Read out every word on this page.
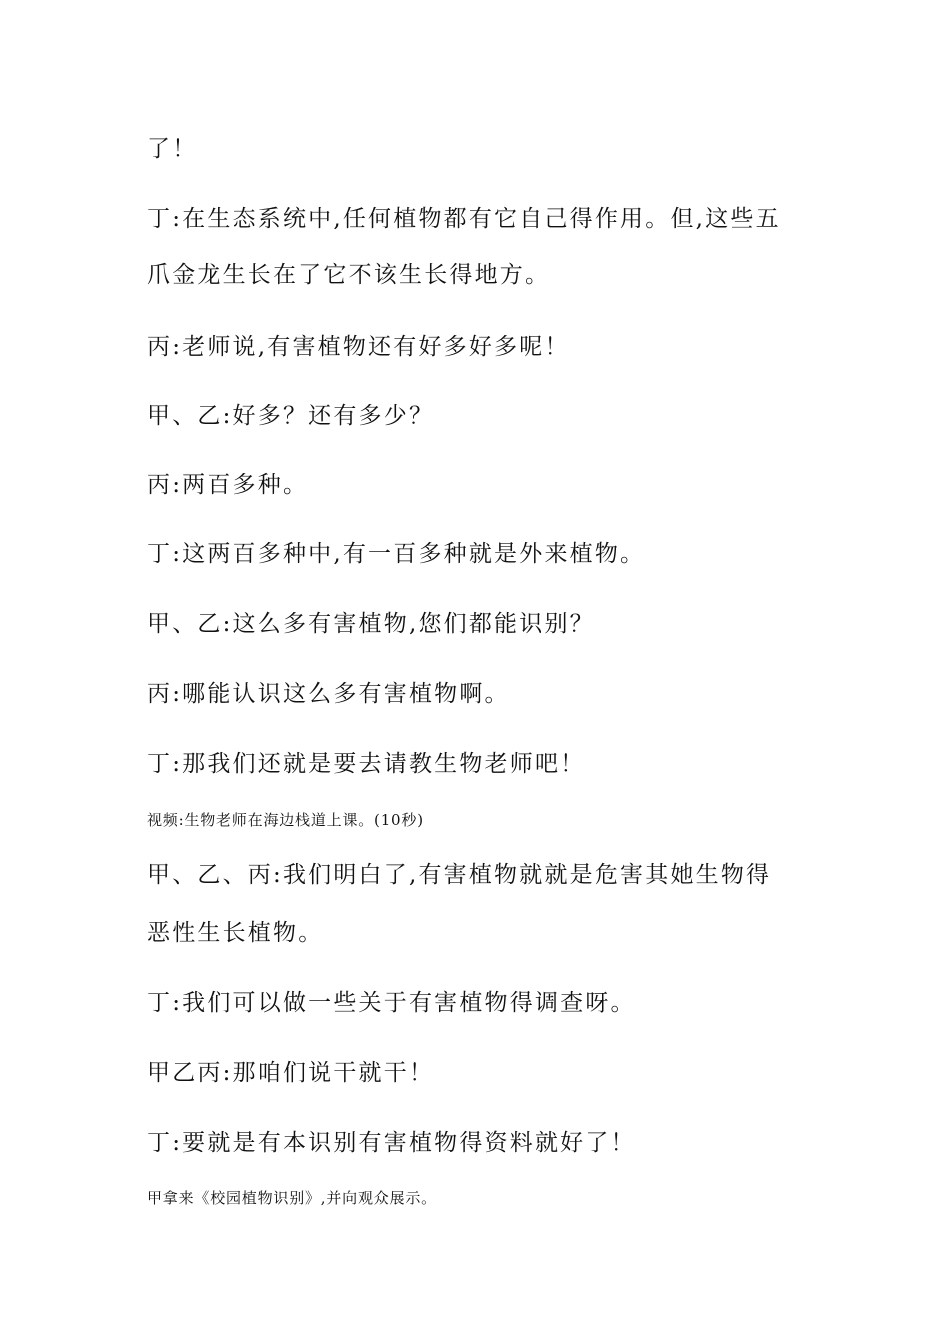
了！
丁:在生态系统中,任何植物都有它自己得作用。但,这些五
爪金龙生长在了它不该生长得地方。
丙:老师说,有害植物还有好多好多呢！
甲、乙:好多？还有多少？
丙:两百多种。
丁:这两百多种中,有一百多种就是外来植物。
甲、乙:这么多有害植物,您们都能识别？
丙:哪能认识这么多有害植物啊。
丁:那我们还就是要去请教生物老师吧！
视频:生物老师在海边栈道上课。(10秒)
甲、乙、丙:我们明白了,有害植物就就是危害其她生物得
恶性生长植物。
丁:我们可以做一些关于有害植物得调查呀。
甲乙丙:那咱们说干就干！
丁:要就是有本识别有害植物得资料就好了！
甲拿来《校园植物识别》,并向观众展示。
